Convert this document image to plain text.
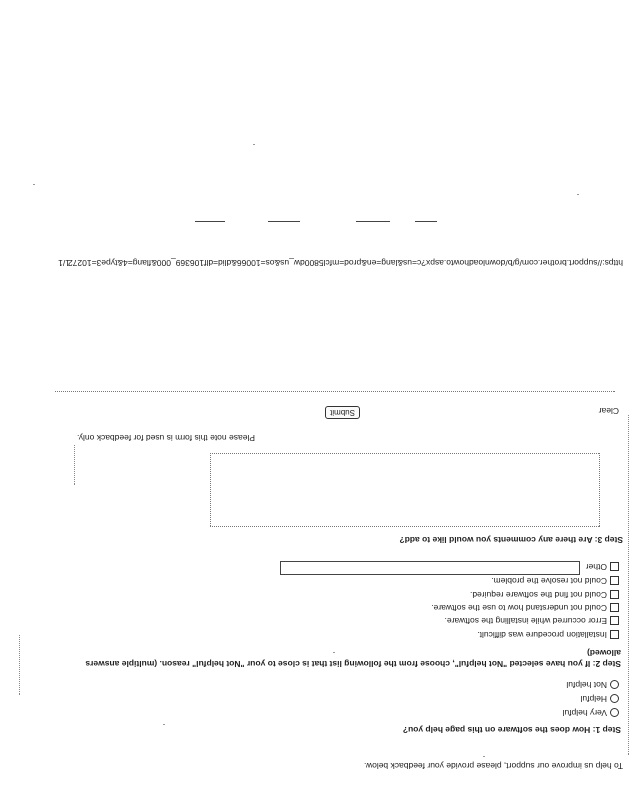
https://support.brother.com/g/b/downloadhowto.aspx?c=us&lang=en&prod=mfcl5800dw_us&os=10066&dlid=dlf106369_000&flang=4&type3=10272
1/1
Clear
Submit
Please note this form is used for feedback only.
Step 3: Are there any comments you would like to add?
Other
Could not resolve the problem.
Could not find the software required.
Could not understand how to use the software.
Error occurred while installing the software.
Installation procedure was difficult.
allowed)
Step 2: If you have selected "Not helpful", choose from the following list that is close to your "Not helpful" reason. (multiple answers
Not helpful
Helpful
Very helpful
Step 1: How does the software on this page help you?
To help us improve our support, please provide your feedback below.
